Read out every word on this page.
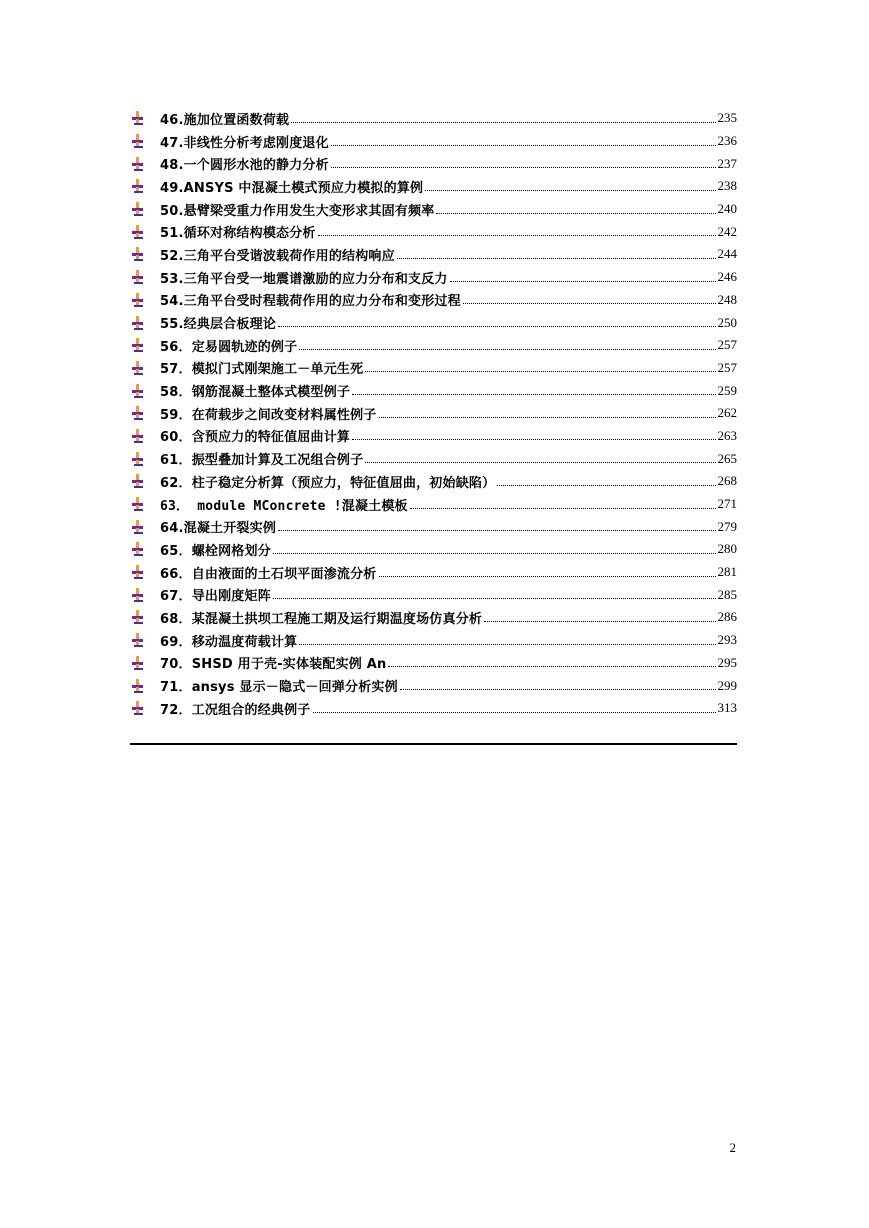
46.施加位置函数荷载	235
47.非线性分析考虑刚度退化	236
48.一个圆形水池的静力分析	237
49.ANSYS 中混凝土模式预应力模拟的算例	238
50.悬臂梁受重力作用发生大变形求其固有频率	240
51.循环对称结构模态分析	242
52.三角平台受谐波载荷作用的结构响应	244
53.三角平台受一地震谱激励的应力分布和支反力	246
54.三角平台受时程载荷作用的应力分布和变形过程	248
55.经典层合板理论	250
56．定易圆轨迹的例子	257
57．模拟门式刚架施工－单元生死	257
58．钢筋混凝土整体式模型例子	259
59．在荷载步之间改变材料属性例子	262
60．含预应力的特征值屈曲计算	263
61．振型叠加计算及工况组合例子	265
62．柱子稳定分析算（预应力，特征值屈曲，初始缺陷）	268
63． module MConcrete !混凝土模板	271
64.混凝土开裂实例	279
65．螺栓网格划分	280
66．自由液面的土石坝平面渗流分析	281
67．导出刚度矩阵	285
68．某混凝土拱坝工程施工期及运行期温度场仿真分析	286
69．移动温度荷载计算	293
70．SHSD 用于壳-实体装配实例 An	295
71．ansys 显示－隐式－回弹分析实例	299
72．工况组合的经典例子	313
2
